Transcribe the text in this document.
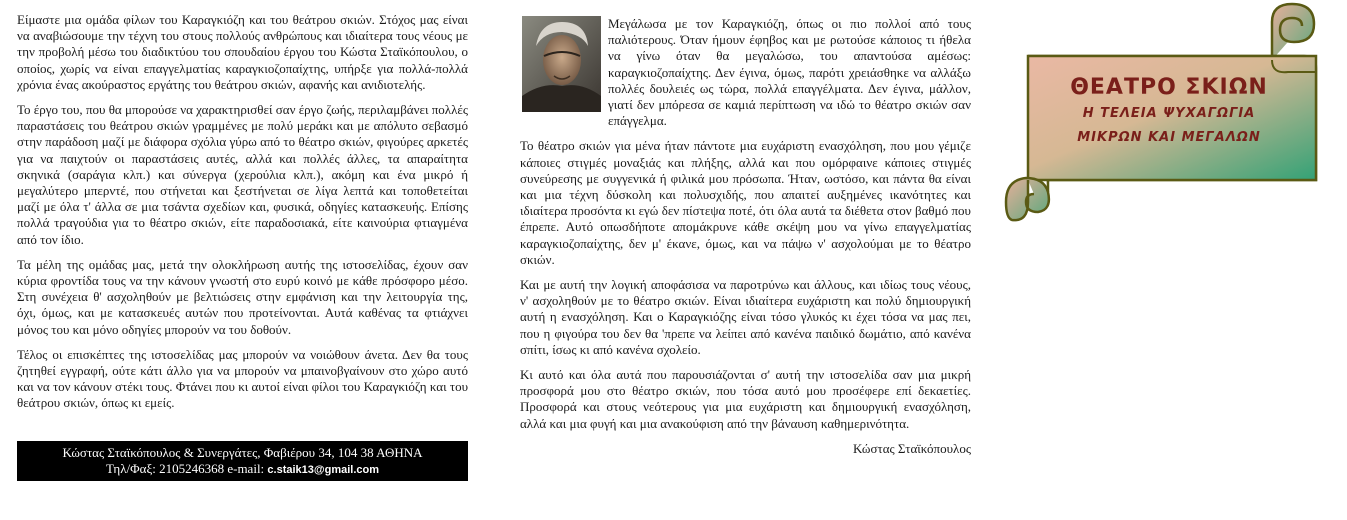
Είμαστε μια ομάδα φίλων του Καραγκιόζη και του θεάτρου σκιών. Στόχος μας είναι να αναβιώσουμε την τέχνη του στους πολλούς ανθρώπους και ιδιαίτερα τους νέους με την προβολή μέσω του διαδικτύου του σπουδαίου έργου του Κώστα Σταϊκόπουλου, ο οποίος, χωρίς να είναι επαγγελματίας καραγκιοζοπαίχτης, υπήρξε για πολλά-πολλά χρόνια ένας ακούραστος εργάτης του θεάτρου σκιών, αφανής και ανιδιοτελής.

Το έργο του, που θα μπορούσε να χαρακτηρισθεί σαν έργο ζωής, περιλαμβάνει πολλές παραστάσεις του θεάτρου σκιών γραμμένες με πολύ μεράκι και με απόλυτο σεβασμό στην παράδοση μαζί με διάφορα σχόλια γύρω από το θέατρο σκιών, φιγούρες αρκετές για να παιχτούν οι παραστάσεις αυτές, αλλά και πολλές άλλες, τα απαραίτητα σκηνικά (σαράγια κλπ.) και σύνεργα (χερούλια κλπ.), ακόμη και ένα μικρό ή μεγαλύτερο μπερντέ, που στήνεται και ξεστήνεται σε λίγα λεπτά και τοποθετείται μαζί με όλα τ' άλλα σε μια τσάντα σχεδίων και, φυσικά, οδηγίες κατασκευής. Επίσης πολλά τραγούδια για το θέατρο σκιών, είτε παραδοσιακά, είτε καινούρια φτιαγμένα από τον ίδιο.

Τα μέλη της ομάδας μας, μετά την ολοκλήρωση αυτής της ιστοσελίδας, έχουν σαν κύρια φροντίδα τους να την κάνουν γνωστή στο ευρύ κοινό με κάθε πρόσφορο μέσο. Στη συνέχεια θ' ασχοληθούν με βελτιώσεις στην εμφάνιση και την λειτουργία της, όχι, όμως, και με κατασκευές αυτών που προτείνονται. Αυτά καθένας τα φτιάχνει μόνος του και μόνο οδηγίες μπορούν να του δοθούν.

Τέλος οι επισκέπτες της ιστοσελίδας μας μπορούν να νοιώθουν άνετα. Δεν θα τους ζητηθεί εγγραφή, ούτε κάτι άλλο για να μπορούν να μπαινοβγαίνουν στο χώρο αυτό και να τον κάνουν στέκι τους. Φτάνει που κι αυτοί είναι φίλοι του Καραγκιόζη και του θεάτρου σκιών, όπως κι εμείς.

Κώστας Σταϊκόπουλος & Συνεργάτες, Φαβιέρου 34, 104 38 ΑΘΗΝΑ
Τηλ/Φαξ: 2105246368 e-mail: c.staik13@gmail.com

Μεγάλωσα με τον Καραγκιόζη, όπως οι πιο πολλοί από τους παλιότερους. Όταν ήμουν έφηβος και με ρωτούσε κάποιος τι ήθελα να γίνω όταν θα μεγαλώσω, του απαντούσα αμέσως: καραγκιοζοπαίχτης. Δεν έγινα, όμως, παρότι χρειάσθηκε να αλλάξω πολλές δουλειές ως τώρα, πολλά επαγγέλματα. Δεν έγινα, μάλλον, γιατί δεν μπόρεσα σε καμιά περίπτωση να ιδώ το θέατρο σκιών σαν επάγγελμα.

Το θέατρο σκιών για μένα ήταν πάντοτε μια ευχάριστη ενασχόληση, που μου γέμιζε κάποιες στιγμές μοναξιάς και πλήξης, αλλά και που ομόρφαινε κάποιες στιγμές συνεύρεσης με συγγενικά ή φιλικά μου πρόσωπα. Ήταν, ωστόσο, και πάντα θα είναι και μια τέχνη δύσκολη και πολυσχιδής, που απαιτεί αυξημένες ικανότητες και ιδιαίτερα προσόντα κι εγώ δεν πίστεψα ποτέ, ότι όλα αυτά τα διέθετα στον βαθμό που έπρεπε. Αυτό οπωσδήποτε απομάκρυνε κάθε σκέψη μου να γίνω επαγγελματίας καραγκιοζοπαίχτης, δεν μ' έκανε, όμως, και να πάψω ν' ασχολούμαι με το θέατρο σκιών.

Και με αυτή την λογική αποφάσισα να παροτρύνω και άλλους, και ιδίως τους νέους, ν' ασχοληθούν με το θέατρο σκιών. Είναι ιδιαίτερα ευχάριστη και πολύ δημιουργική αυτή η ενασχόληση. Και ο Καραγκιόζης είναι τόσο γλυκός κι έχει τόσα να μας πει, που η φιγούρα του δεν θα 'πρεπε να λείπει από κανένα παιδικό δωμάτιο, από κανένα σπίτι, ίσως κι από κανένα σχολείο.

Κι αυτό και όλα αυτά που παρουσιάζονται σ' αυτή την ιστοσελίδα σαν μια μικρή προσφορά μου στο θέατρο σκιών, που τόσα αυτό μου προσέφερε επί δεκαετίες. Προσφορά και στους νεότερους για μια ευχάριστη και δημιουργική ενασχόληση, αλλά και μια φυγή και μια ανακούφιση από την βάναυση καθημερινότητα.

Κώστας Σταϊκόπουλος
ΘΕΑΤΡΟ ΣΚΙΩΝ
Η ΤΕΛΕΙΑ ΨΥΧΑΓΩΓΙΑ
ΜΙΚΡΩΝ ΚΑΙ ΜΕΓΑΛΩΝ
